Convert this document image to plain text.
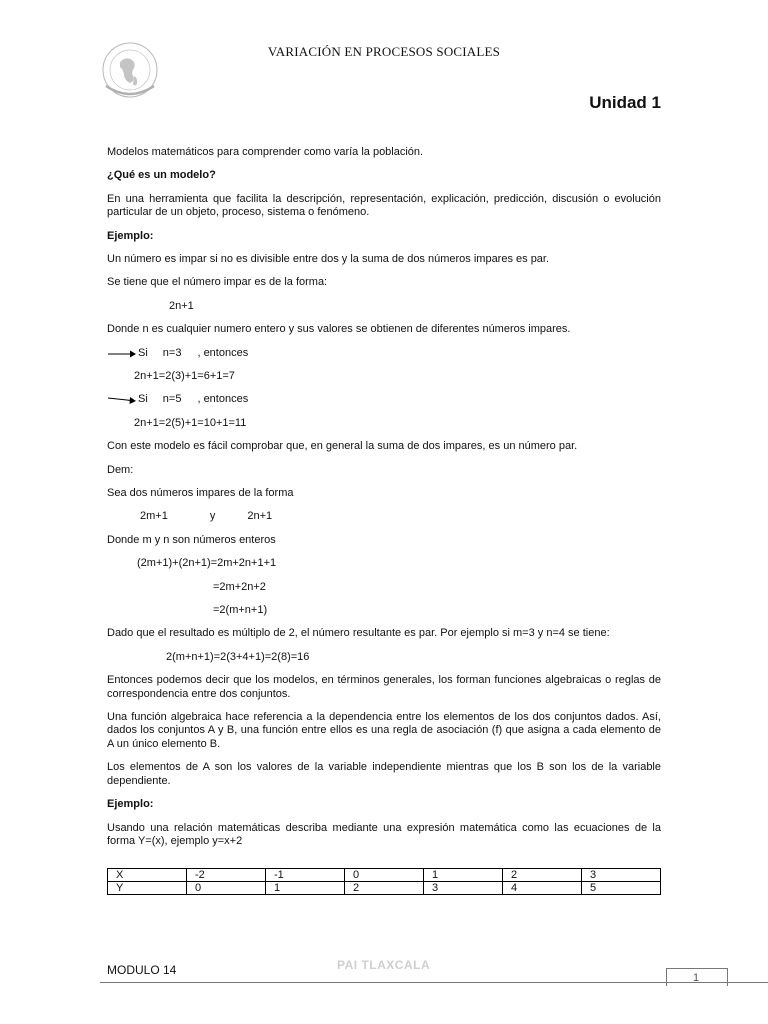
·
VARIACIÓN EN PROCESOS SOCIALES
Unidad 1

Modelos matemáticos para comprender como varía la población.

¿Qué es un modelo?

En una herramienta que facilita la descripción, representación, explicación, predicción, discusión o evolución particular de un objeto, proceso, sistema o fenómeno.

Ejemplo:

Un número es impar si no es divisible entre dos y la suma de dos números impares es par.

Se tiene que el número impar es de la forma:

2n+1

Donde n es cualquier numero entero y sus valores se obtienen de diferentes números impares.

Si n=3 , entonces

2n+1=2(3)+1=6+1=7

Si n=5 , entonces

2n+1=2(5)+1=10+1=11

Con este modelo es fácil comprobar que, en general la suma de dos impares, es un número par.

Dem:

Sea dos números impares de la forma

2m+1	y	2n+1

Donde m y n son números enteros

(2m+1)+(2n+1)=2m+2n+1+1

=2m+2n+2

=2(m+n+1)

Dado que el resultado es múltiplo de 2, el número resultante es par. Por ejemplo si m=3 y n=4 se tiene:

2(m+n+1)=2(3+4+1)=2(8)=16

Entonces podemos decir que los modelos, en términos generales, los forman funciones algebraicas o reglas de correspondencia entre dos conjuntos.

Una función algebraica hace referencia a la dependencia entre los elementos de los dos conjuntos dados. Así, dados los conjuntos A y B, una función entre ellos es una regla de asociación (f) que asigna a cada elemento de A un único elemento B.

Los elementos de A son los valores de la variable independiente mientras que los B son los de la variable dependiente.

Ejemplo:

Usando una relación matemáticas describa mediante una expresión matemática como las ecuaciones de la forma Y=(x), ejemplo y=x+2

X	-2	-1	0	1	2	3
Y	0	1	2	3	4	5
MODULO 14	PAI TLAXCALA
1
